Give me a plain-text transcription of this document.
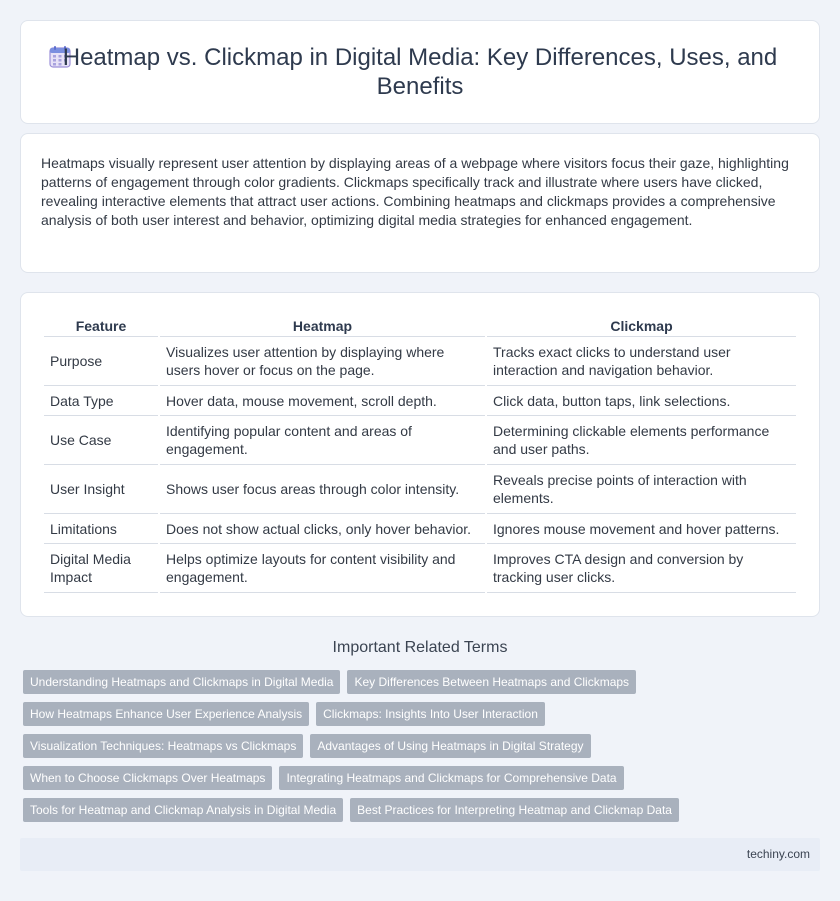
Heatmap vs. Clickmap in Digital Media: Key Differences, Uses, and Benefits

Heatmaps visually represent user attention by displaying areas of a webpage where visitors focus their gaze, highlighting patterns of engagement through color gradients. Clickmaps specifically track and illustrate where users have clicked, revealing interactive elements that attract user actions. Combining heatmaps and clickmaps provides a comprehensive analysis of both user interest and behavior, optimizing digital media strategies for enhanced engagement.

Feature	Heatmap	Clickmap
Purpose	Visualizes user attention by displaying where users hover or focus on the page.	Tracks exact clicks to understand user interaction and navigation behavior.
Data Type	Hover data, mouse movement, scroll depth.	Click data, button taps, link selections.
Use Case	Identifying popular content and areas of engagement.	Determining clickable elements performance and user paths.
User Insight	Shows user focus areas through color intensity.	Reveals precise points of interaction with elements.
Limitations	Does not show actual clicks, only hover behavior.	Ignores mouse movement and hover patterns.
Digital Media Impact	Helps optimize layouts for content visibility and engagement.	Improves CTA design and conversion by tracking user clicks.
Important Related Terms
Understanding Heatmaps and Clickmaps in Digital Media Key Differences Between Heatmaps and Clickmaps
How Heatmaps Enhance User Experience Analysis Clickmaps: Insights Into User Interaction
Visualization Techniques: Heatmaps vs Clickmaps Advantages of Using Heatmaps in Digital Strategy
When to Choose Clickmaps Over Heatmaps Integrating Heatmaps and Clickmaps for Comprehensive Data
Tools for Heatmap and Clickmap Analysis in Digital Media Best Practices for Interpreting Heatmap and Clickmap Data
techiny.com
